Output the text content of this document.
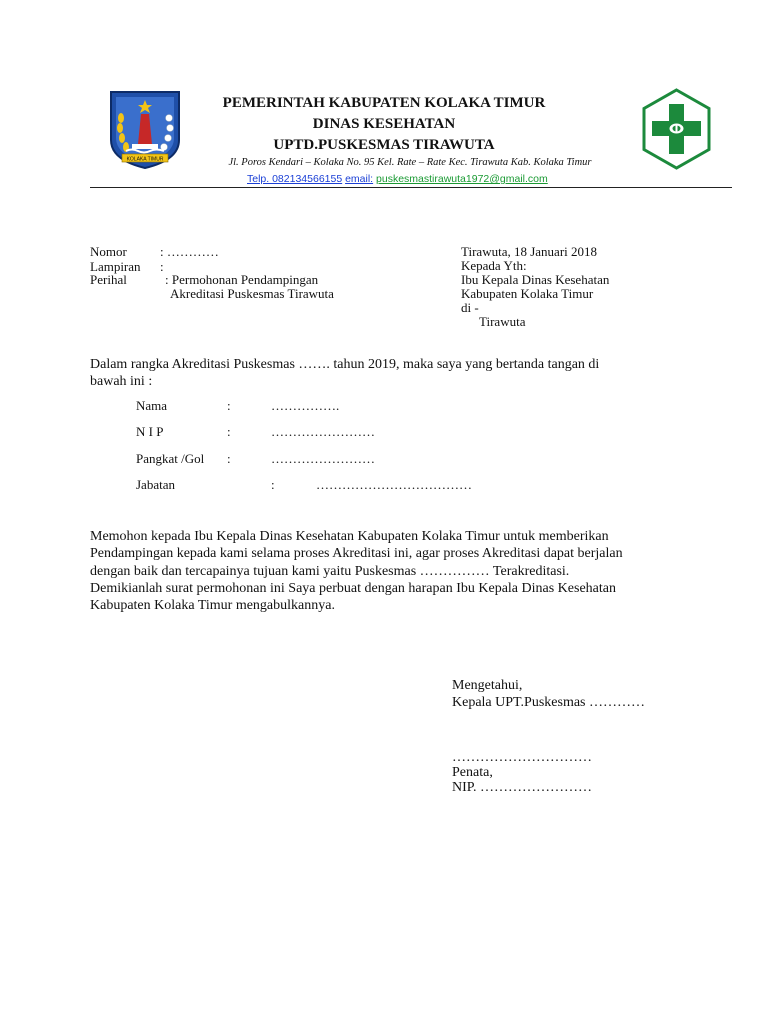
KOLAKA TIMUR
PEMERINTAH KABUPATEN KOLAKA TIMUR
DINAS KESEHATAN
UPTD.PUSKESMAS TIRAWUTA
Jl. Poros Kendari – Kolaka No. 95 Kel. Rate – Rate Kec. Tirawuta Kab. Kolaka Timur
Telp. 082134566155 email: puskesmastirawuta1972@gmail.com
Nomor	: …………
Lampiran :
Perihal	: Permohonan Pendampingan
Akreditasi Puskesmas Tirawuta
Tirawuta, 18 Januari 2018
Kepada Yth:
Ibu Kepala Dinas Kesehatan
Kabupaten Kolaka Timur
di -
Tirawuta
Dalam rangka Akreditasi Puskesmas ……. tahun 2019, maka saya yang bertanda tangan di
bawah ini :
Nama	:	…………….
N I P	:	……………………
Pangkat /Gol :	……………………
Jabatan	:	………………………………
Memohon kepada Ibu Kepala Dinas Kesehatan Kabupaten Kolaka Timur untuk memberikan
Pendampingan kepada kami selama proses Akreditasi ini, agar proses Akreditasi dapat berjalan
dengan baik dan tercapainya tujuan kami yaitu Puskesmas …………… Terakreditasi.
Demikianlah surat permohonan ini Saya perbuat dengan harapan Ibu Kepala Dinas Kesehatan
Kabupaten Kolaka Timur mengabulkannya.
Mengetahui,
Kepala UPT.Puskesmas …………
…………………………
Penata,
NIP. ……………………
